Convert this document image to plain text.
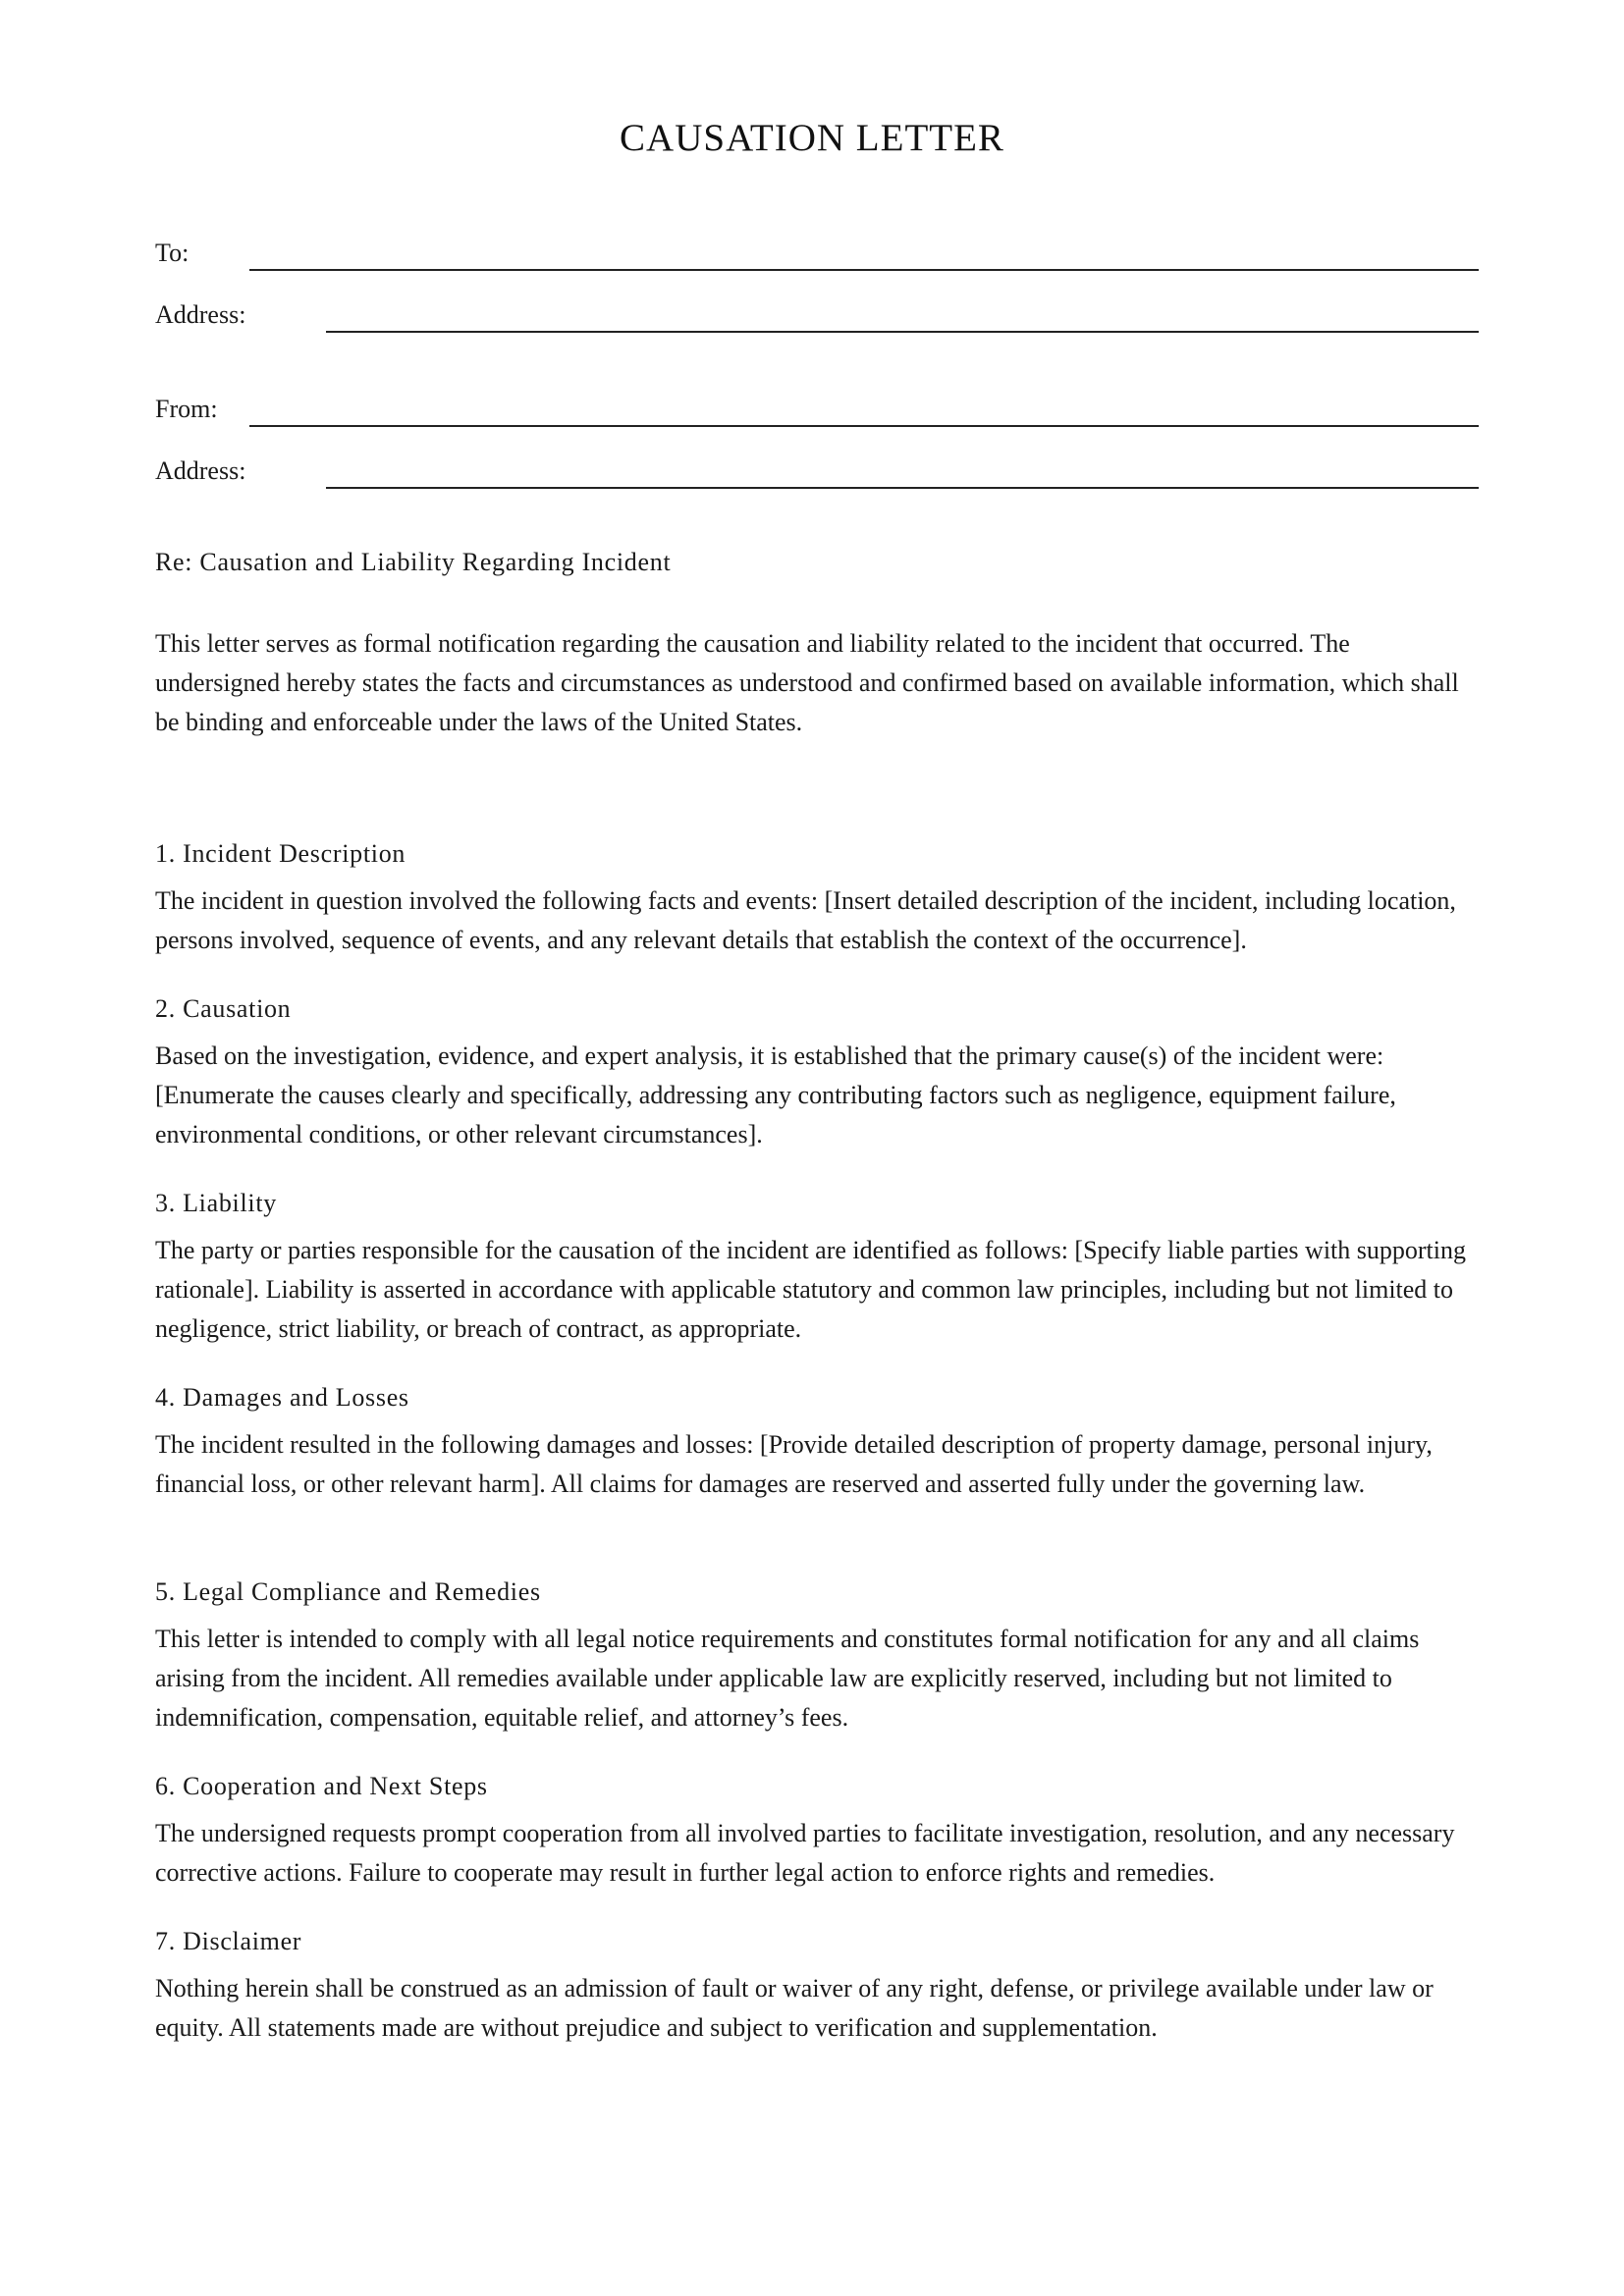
CAUSATION LETTER
To:
Address:
From:
Address:
Re: Causation and Liability Regarding Incident

This letter serves as formal notification regarding the causation and liability related to the incident that occurred. The undersigned hereby states the facts and circumstances as understood and confirmed based on available information, which shall be binding and enforceable under the laws of the United States.

1. Incident Description

The incident in question involved the following facts and events: [Insert detailed description of the incident, including location, persons involved, sequence of events, and any relevant details that establish the context of the occurrence].

2. Causation

Based on the investigation, evidence, and expert analysis, it is established that the primary cause(s) of the incident were: [Enumerate the causes clearly and specifically, addressing any contributing factors such as negligence, equipment failure, environmental conditions, or other relevant circumstances].

3. Liability

The party or parties responsible for the causation of the incident are identified as follows: [Specify liable parties with supporting rationale]. Liability is asserted in accordance with applicable statutory and common law principles, including but not limited to negligence, strict liability, or breach of contract, as appropriate.

4. Damages and Losses

The incident resulted in the following damages and losses: [Provide detailed description of property damage, personal injury, financial loss, or other relevant harm]. All claims for damages are reserved and asserted fully under the governing law.

5. Legal Compliance and Remedies

This letter is intended to comply with all legal notice requirements and constitutes formal notification for any and all claims arising from the incident. All remedies available under applicable law are explicitly reserved, including but not limited to indemnification, compensation, equitable relief, and attorney’s fees.

6. Cooperation and Next Steps

The undersigned requests prompt cooperation from all involved parties to facilitate investigation, resolution, and any necessary corrective actions. Failure to cooperate may result in further legal action to enforce rights and remedies.

7. Disclaimer

Nothing herein shall be construed as an admission of fault or waiver of any right, defense, or privilege available under law or equity. All statements made are without prejudice and subject to verification and supplementation.
